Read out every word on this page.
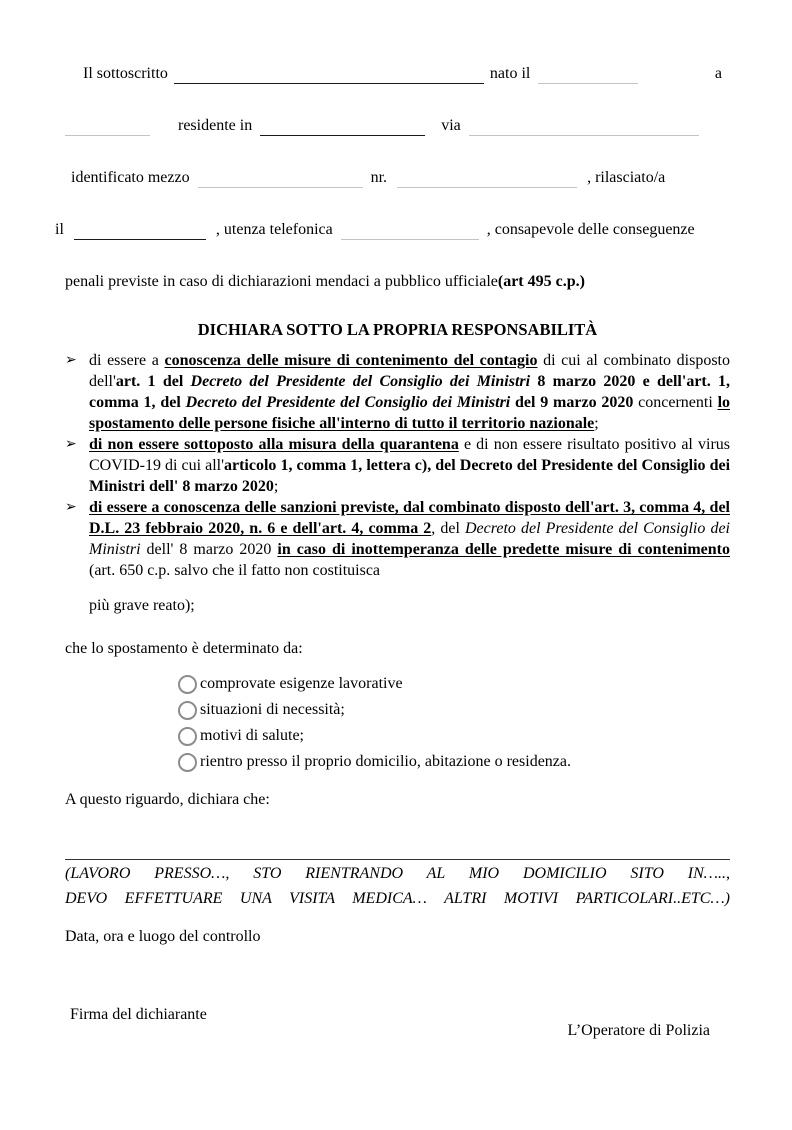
Il sottoscritto	nato il	a
residente in	via
identificato mezzo	nr.	, rilasciato/a
il	, utenza telefonica	, consapevole delle conseguenze
penali previste in caso di dichiarazioni mendaci a pubblico ufficiale (art 495 c.p.)
DICHIARA SOTTO LA PROPRIA RESPONSABILITÀ
➢ di essere a conoscenza delle misure di contenimento del contagio di cui al combinato disposto dell'art. 1 del Decreto del Presidente del Consiglio dei Ministri 8 marzo 2020 e dell'art. 1, comma 1, del Decreto del Presidente del Consiglio dei Ministri del 9 marzo 2020 concernenti lo spostamento delle persone fisiche all'interno di tutto il territorio nazionale;
➢ di non essere sottoposto alla misura della quarantena e di non essere risultato positivo al virus COVID-19 di cui all'articolo 1, comma 1, lettera c), del Decreto del Presidente del Consiglio dei Ministri dell' 8 marzo 2020;
➢ di essere a conoscenza delle sanzioni previste, dal combinato disposto dell'art. 3, comma 4, del D.L. 23 febbraio 2020, n. 6 e dell'art. 4, comma 2, del Decreto del Presidente del Consiglio dei Ministri dell' 8 marzo 2020 in caso di inottemperanza delle predette misure di contenimento (art. 650 c.p. salvo che il fatto non costituisca
più grave reato);
che lo spostamento è determinato da:
comprovate esigenze lavorative
situazioni di necessità;
motivi di salute;
rientro presso il proprio domicilio, abitazione o residenza.
A questo riguardo, dichiara che:
(LAVORO PRESSO…, STO RIENTRANDO AL MIO DOMICILIO SITO IN…..,
DEVO EFFETTUARE UNA VISITA MEDICA… ALTRI MOTIVI PARTICOLARI..ETC…)
Data, ora e luogo del controllo
Firma del dichiarante
L’Operatore di Polizia
